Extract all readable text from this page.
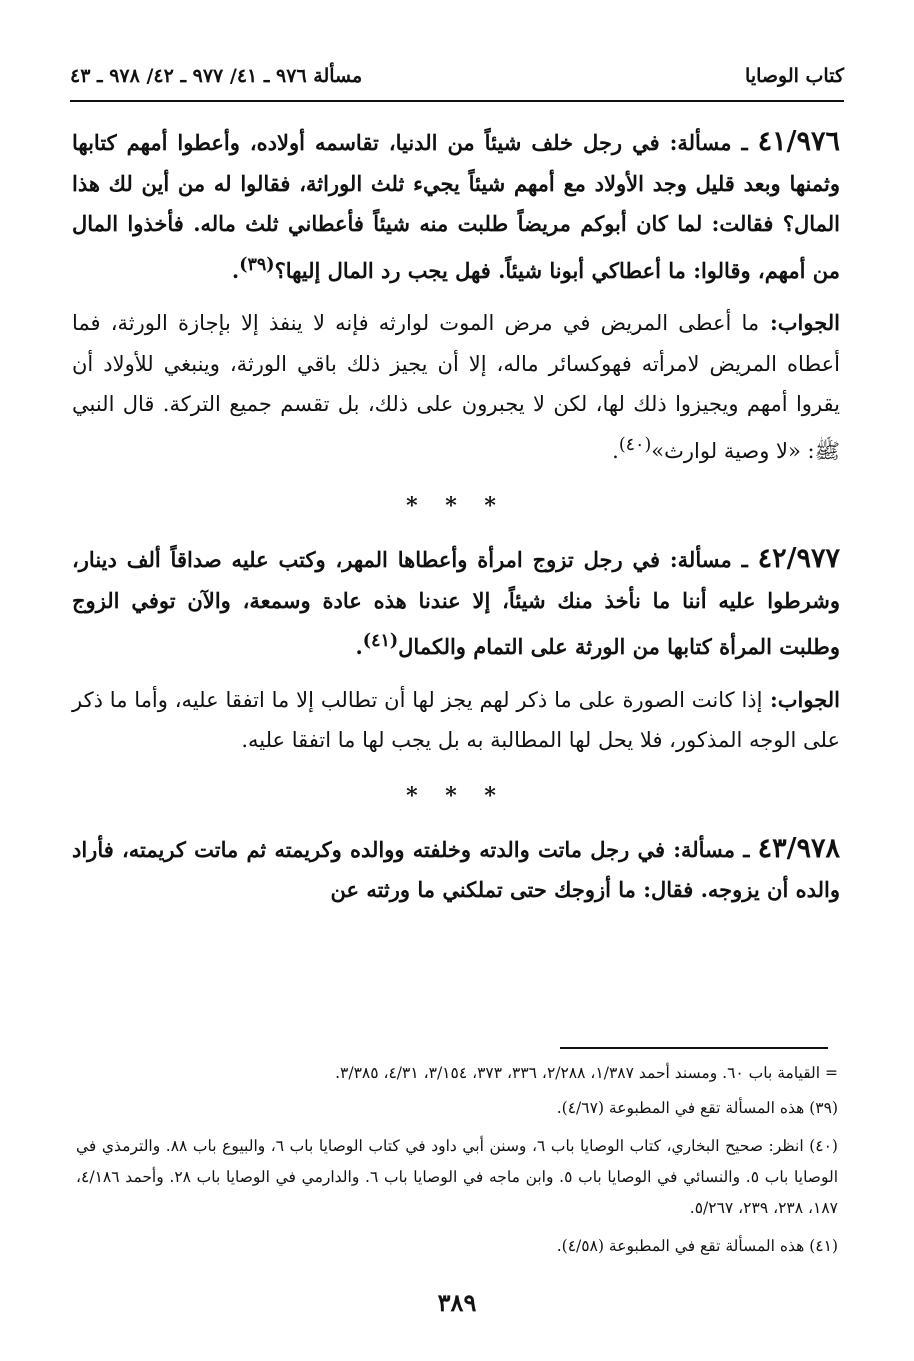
كتاب الوصايا
مسألة ٩٧٦ ـ ٤١/ ٩٧٧ ـ ٤٢/ ٩٧٨ ـ ٤٣

٤١/٩٧٦ ـ مسألة: في رجل خلف شيئاً من الدنيا، تقاسمه أولاده، وأعطوا أمهم كتابها وثمنها وبعد قليل وجد الأولاد مع أمهم شيئاً يجيء ثلث الوراثة، فقالوا له من أين لك هذا المال؟ فقالت: لما كان أبوكم مريضاً طلبت منه شيئاً فأعطاني ثلث ماله. فأخذوا المال من أمهم، وقالوا: ما أعطاكي أبونا شيئاً. فهل يجب رد المال إليها؟$^{(٣٩)}$.

الجواب: ما أعطى المريض في مرض الموت لوارثه فإنه لا ينفذ إلا بإجازة الورثة، فما أعطاه المريض لامرأته فهوكسائر ماله، إلا أن يجيز ذلك باقي الورثة، وينبغي للأولاد أن يقروا أمهم ويجيزوا ذلك لها، لكن لا يجبرون على ذلك، بل تقسم جميع التركة. قال النبي ﷺ: «لا وصية لوارث»$^{(٤٠)}$.

* * *

٤٢/٩٧٧ ـ مسألة: في رجل تزوج امرأة وأعطاها المهر، وكتب عليه صداقاً ألف دينار، وشرطوا عليه أننا ما نأخذ منك شيئاً، إلا عندنا هذه عادة وسمعة، والآن توفي الزوج وطلبت المرأة كتابها من الورثة على التمام والكمال$^{(٤١)}$.

الجواب: إذا كانت الصورة على ما ذكر لهم يجز لها أن تطالب إلا ما اتفقا عليه، وأما ما ذكر على الوجه المذكور، فلا يحل لها المطالبة به بل يجب لها ما اتفقا عليه.

* * *

٤٣/٩٧٨ ـ مسألة: في رجل ماتت والدته وخلفته ووالده وكريمته ثم ماتت كريمته، فأراد والده أن يزوجه. فقال: ما أزوجك حتى تملكني ما ورثته عن

= القيامة باب ٦٠. ومسند أحمد ١/٣٨٧، ٢/٢٨٨، ٣٣٦، ٣٧٣، ٣/١٥٤، ٤/٣١، ٣/٣٨٥.

(٣٩) هذه المسألة تقع في المطبوعة (٤/٦٧).

(٤٠) انظر: صحيح البخاري، كتاب الوصايا باب ٦، وسنن أبي داود في كتاب الوصايا باب ٦، والبيوع باب ٨٨. والترمذي في الوصايا باب ٥. والنسائي في الوصايا باب ٥. وابن ماجه في الوصايا باب ٦. والدارمي في الوصايا باب ٢٨. وأحمد ٤/١٨٦، ١٨٧، ٢٣٨، ٢٣٩، ٥/٢٦٧.

(٤١) هذه المسألة تقع في المطبوعة (٤/٥٨).

٣٨٩
